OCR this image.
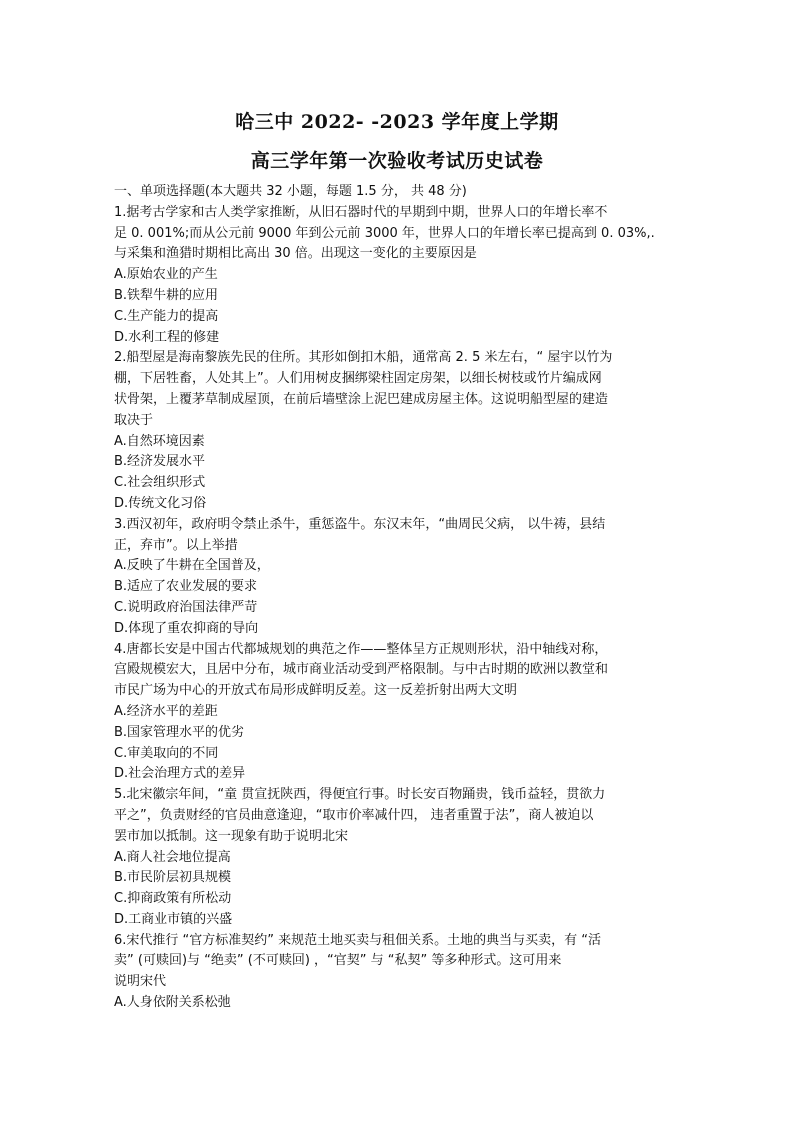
哈三中 2022- -2023 学年度上学期
高三学年第一次验收考试历史试卷
一、单项选择题(本大题共 32 小题，每题 1.5 分， 共 48 分)
1.据考古学家和古人类学家推断，从旧石器时代的早期到中期，世界人口的年增长率不
足 0. 001%;而从公元前 9000 年到公元前 3000 年，世界人口的年增长率已提高到 0. 03%,.
与采集和渔猎时期相比高出 30 倍。出现这一变化的主要原因是
A.原始农业的产生
B.铁犁牛耕的应用
C.生产能力的提高
D.水利工程的修建
2.船型屋是海南黎族先民的住所。其形如倒扣木船，通常高 2. 5 米左右，“ 屋宇以竹为
棚，下居牲畜，人处其上”。人们用树皮捆绑梁柱固定房架，以细长树枝或竹片编成网
状骨架，上覆茅草制成屋顶，在前后墙壁涂上泥巴建成房屋主体。这说明船型屋的建造
取决于
A.自然环境因素
B.经济发展水平
C.社会组织形式
D.传统文化习俗
3.西汉初年，政府明令禁止杀牛，重惩盗牛。东汉末年，“曲周民父病， 以牛祷，县结
正，弃市”。以上举措
A.反映了牛耕在全国普及，
B.适应了农业发展的要求
C.说明政府治国法律严苛
D.体现了重农抑商的导向
4.唐都长安是中国古代都城规划的典范之作——整体呈方正规则形状，沿中轴线对称，
宫殿规模宏大，且居中分布，城市商业活动受到严格限制。与中古时期的欧洲以教堂和
市民广场为中心的开放式布局形成鲜明反差。这一反差折射出两大文明
A.经济水平的差距
B.国家管理水平的优劣
C.审美取向的不同
D.社会治理方式的差异
5.北宋徽宗年间，“童 贯宣抚陕西，得便宜行事。时长安百物踊贵，钱币益轻，贯欲力
平之”，负责财经的官员曲意逢迎，“取市价率减什四， 违者重置于法”，商人被迫以
罢市加以抵制。这一现象有助于说明北宋
A.商人社会地位提高
B.市民阶层初具规模
C.抑商政策有所松动
D.工商业市镇的兴盛
6.宋代推行 “官方标准契约” 来规范土地买卖与租佃关系。土地的典当与买卖，有 “活
卖” (可赎回)与 “绝卖” (不可赎回) ，“官契” 与 “私契” 等多种形式。这可用来
说明宋代
A.人身依附关系松弛
